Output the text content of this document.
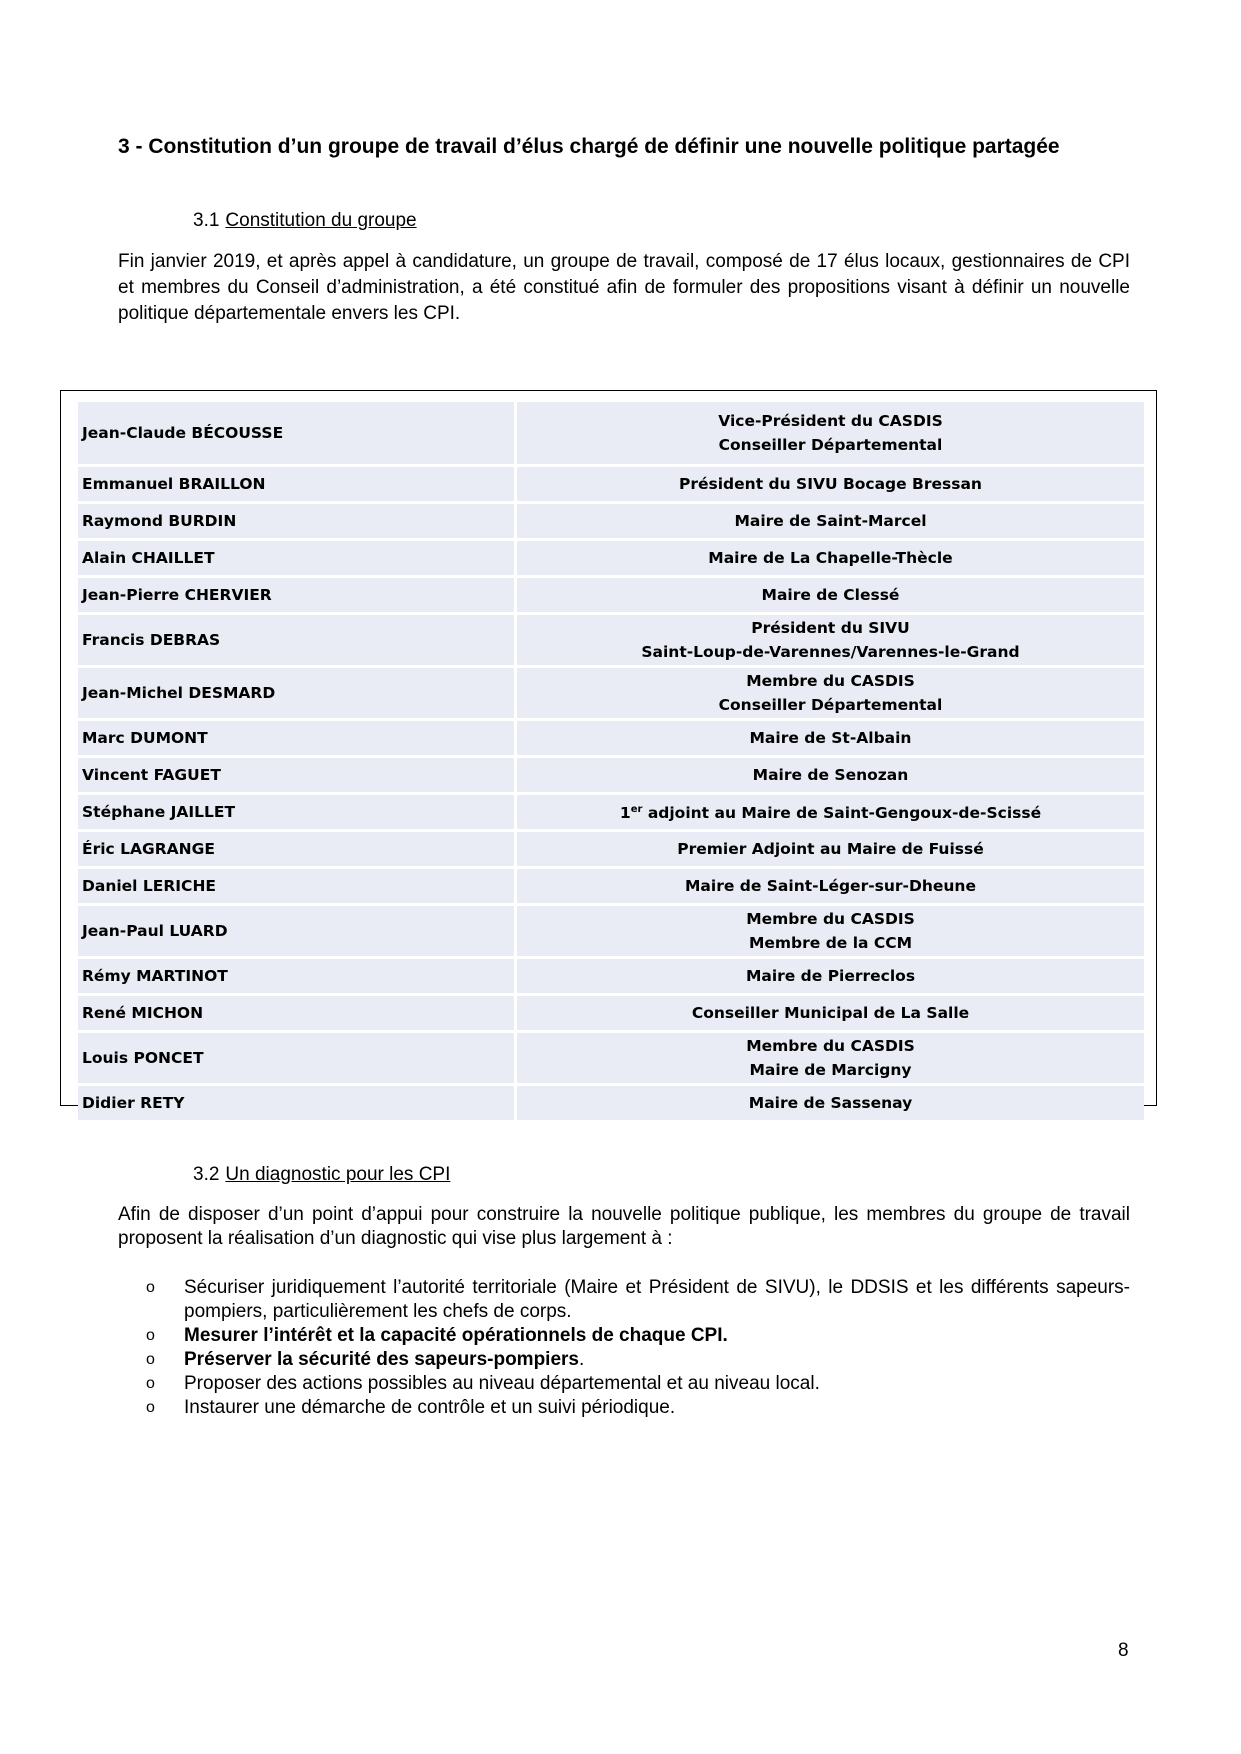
3 - Constitution d’un groupe de travail d’élus chargé de définir une nouvelle politique partagée
3.1 Constitution du groupe
Fin janvier 2019, et après appel à candidature, un groupe de travail, composé de 17 élus locaux, gestionnaires de CPI et membres du Conseil d’administration, a été constitué afin de formuler des propositions visant à définir un nouvelle politique départementale envers les CPI.
Jean-Claude BÉCOUSSE	Vice-Président du CASDIS
Conseiller Départemental
Emmanuel BRAILLON	Président du SIVU Bocage Bressan
Raymond BURDIN	Maire de Saint-Marcel
Alain CHAILLET	Maire de La Chapelle-Thècle
Jean-Pierre CHERVIER	Maire de Clessé
Francis DEBRAS	Président du SIVU
Saint-Loup-de-Varennes/Varennes-le-Grand
Jean-Michel DESMARD	Membre du CASDIS
Conseiller Départemental
Marc DUMONT	Maire de St-Albain
Vincent FAGUET	Maire de Senozan
Stéphane JAILLET	1er adjoint au Maire de Saint-Gengoux-de-Scissé
Éric LAGRANGE	Premier Adjoint au Maire de Fuissé
Daniel LERICHE	Maire de Saint-Léger-sur-Dheune
Jean-Paul LUARD	Membre du CASDIS
Membre de la CCM
Rémy MARTINOT	Maire de Pierreclos
René MICHON	Conseiller Municipal de La Salle
Louis PONCET	Membre du CASDIS
Maire de Marcigny
Didier RETY	Maire de Sassenay
3.2 Un diagnostic pour les CPI
Afin de disposer d’un point d’appui pour construire la nouvelle politique publique, les membres du groupe de travail proposent la réalisation d’un diagnostic qui vise plus largement à :
o Sécuriser juridiquement l’autorité territoriale (Maire et Président de SIVU), le DDSIS et les différents sapeurs-pompiers, particulièrement les chefs de corps.
o Mesurer l’intérêt et la capacité opérationnels de chaque CPI.
o Préserver la sécurité des sapeurs-pompiers.
o Proposer des actions possibles au niveau départemental et au niveau local.
o Instaurer une démarche de contrôle et un suivi périodique.
8
